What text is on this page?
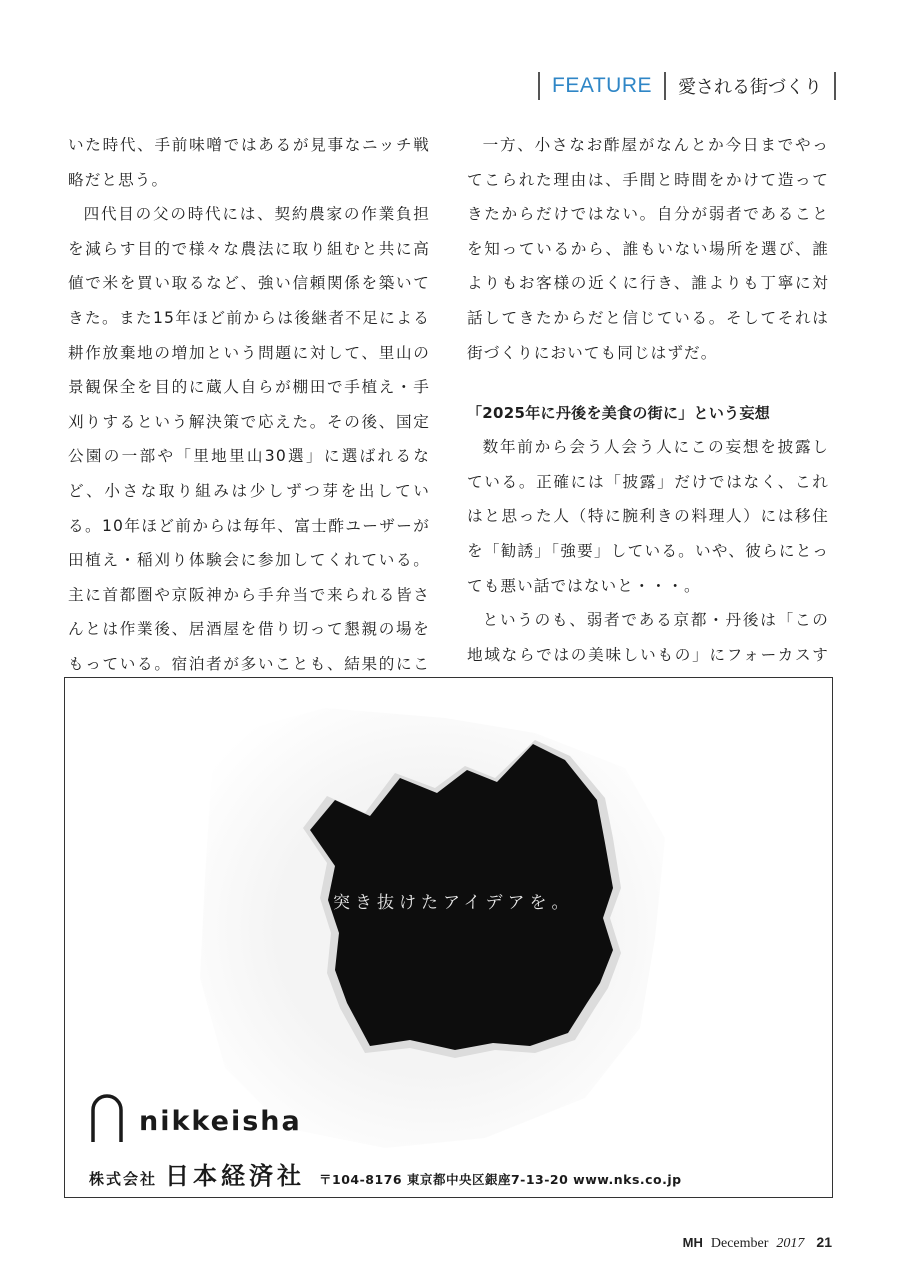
FEATURE	愛される街づくり

いた時代、手前味噌ではあるが見事なニッチ戦略だと思う。

四代目の父の時代には、契約農家の作業負担を減らす目的で様々な農法に取り組むと共に高値で米を買い取るなど、強い信頼関係を築いてきた。また15年ほど前からは後継者不足による耕作放棄地の増加という問題に対して、里山の景観保全を目的に蔵人自らが棚田で手植え・手刈りするという解決策で応えた。その後、国定公園の一部や「里地里山30選」に選ばれるなど、小さな取り組みは少しずつ芽を出している。10年ほど前からは毎年、富士酢ユーザーが田植え・稲刈り体験会に参加してくれている。主に首都圏や京阪神から手弁当で来られる皆さんとは作業後、居酒屋を借り切って懇親の場をもっている。宿泊者が多いことも、結果的にこ

一方、小さなお酢屋がなんとか今日までやってこられた理由は、手間と時間をかけて造ってきたからだけではない。自分が弱者であることを知っているから、誰もいない場所を選び、誰よりもお客様の近くに行き、誰よりも丁寧に対話してきたからだと信じている。そしてそれは街づくりにおいても同じはずだ。

「2025年に丹後を美食の街に」という妄想

数年前から会う人会う人にこの妄想を披露している。正確には「披露」だけではなく、これはと思った人（特に腕利きの料理人）には移住を「勧誘」「強要」している。いや、彼らにとっても悪い話ではないと・・・。

というのも、弱者である京都・丹後は「この地域ならではの美味しいもの」にフォーカスす

突き抜けたアイデアを。
nikkeisha
株式会社 日本経済社 〒104-8176 東京都中央区銀座7-13-20 www.nks.co.jp
MH December 2017 21
